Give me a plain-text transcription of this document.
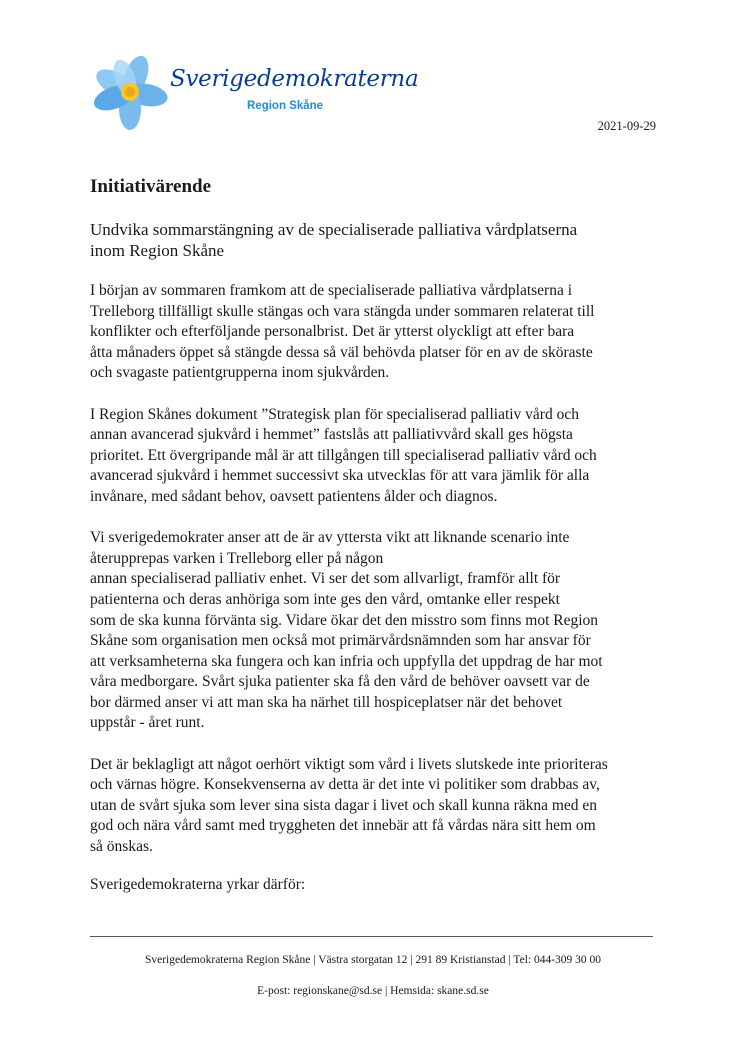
Sverigedemokraterna
Region Skåne
2021-09-29
Initiativärende
Undvika sommarstängning av de specialiserade palliativa vårdplatserna
inom Region Skåne

I början av sommaren framkom att de specialiserade palliativa vårdplatserna i
Trelleborg tillfälligt skulle stängas och vara stängda under sommaren relaterat till
konflikter och efterföljande personalbrist. Det är ytterst olyckligt att efter bara
åtta månaders öppet så stängde dessa så väl behövda platser för en av de sköraste
och svagaste patientgrupperna inom sjukvården.

I Region Skånes dokument ”Strategisk plan för specialiserad palliativ vård och
annan avancerad sjukvård i hemmet” fastslås att palliativvård skall ges högsta
prioritet. Ett övergripande mål är att tillgången till specialiserad palliativ vård och
avancerad sjukvård i hemmet successivt ska utvecklas för att vara jämlik för alla
invånare, med sådant behov, oavsett patientens ålder och diagnos.

Vi sverigedemokrater anser att de är av yttersta vikt att liknande scenario inte
återupprepas varken i Trelleborg eller på någon
annan specialiserad palliativ enhet. Vi ser det som allvarligt, framför allt för
patienterna och deras anhöriga som inte ges den vård, omtanke eller respekt
som de ska kunna förvänta sig. Vidare ökar det den misstro som finns mot Region
Skåne som organisation men också mot primärvårdsnämnden som har ansvar för
att verksamheterna ska fungera och kan infria och uppfylla det uppdrag de har mot
våra medborgare. Svårt sjuka patienter ska få den vård de behöver oavsett var de
bor därmed anser vi att man ska ha närhet till hospiceplatser när det behovet
uppstår - året runt.

Det är beklagligt att något oerhört viktigt som vård i livets slutskede inte prioriteras
och värnas högre. Konsekvenserna av detta är det inte vi politiker som drabbas av,
utan de svårt sjuka som lever sina sista dagar i livet och skall kunna räkna med en
god och nära vård samt med tryggheten det innebär att få vårdas nära sitt hem om
så önskas.

Sverigedemokraterna yrkar därför:
Sverigedemokraterna Region Skåne | Västra storgatan 12 | 291 89 Kristianstad | Tel: 044-309 30 00
E-post: regionskane@sd.se | Hemsida: skane.sd.se
